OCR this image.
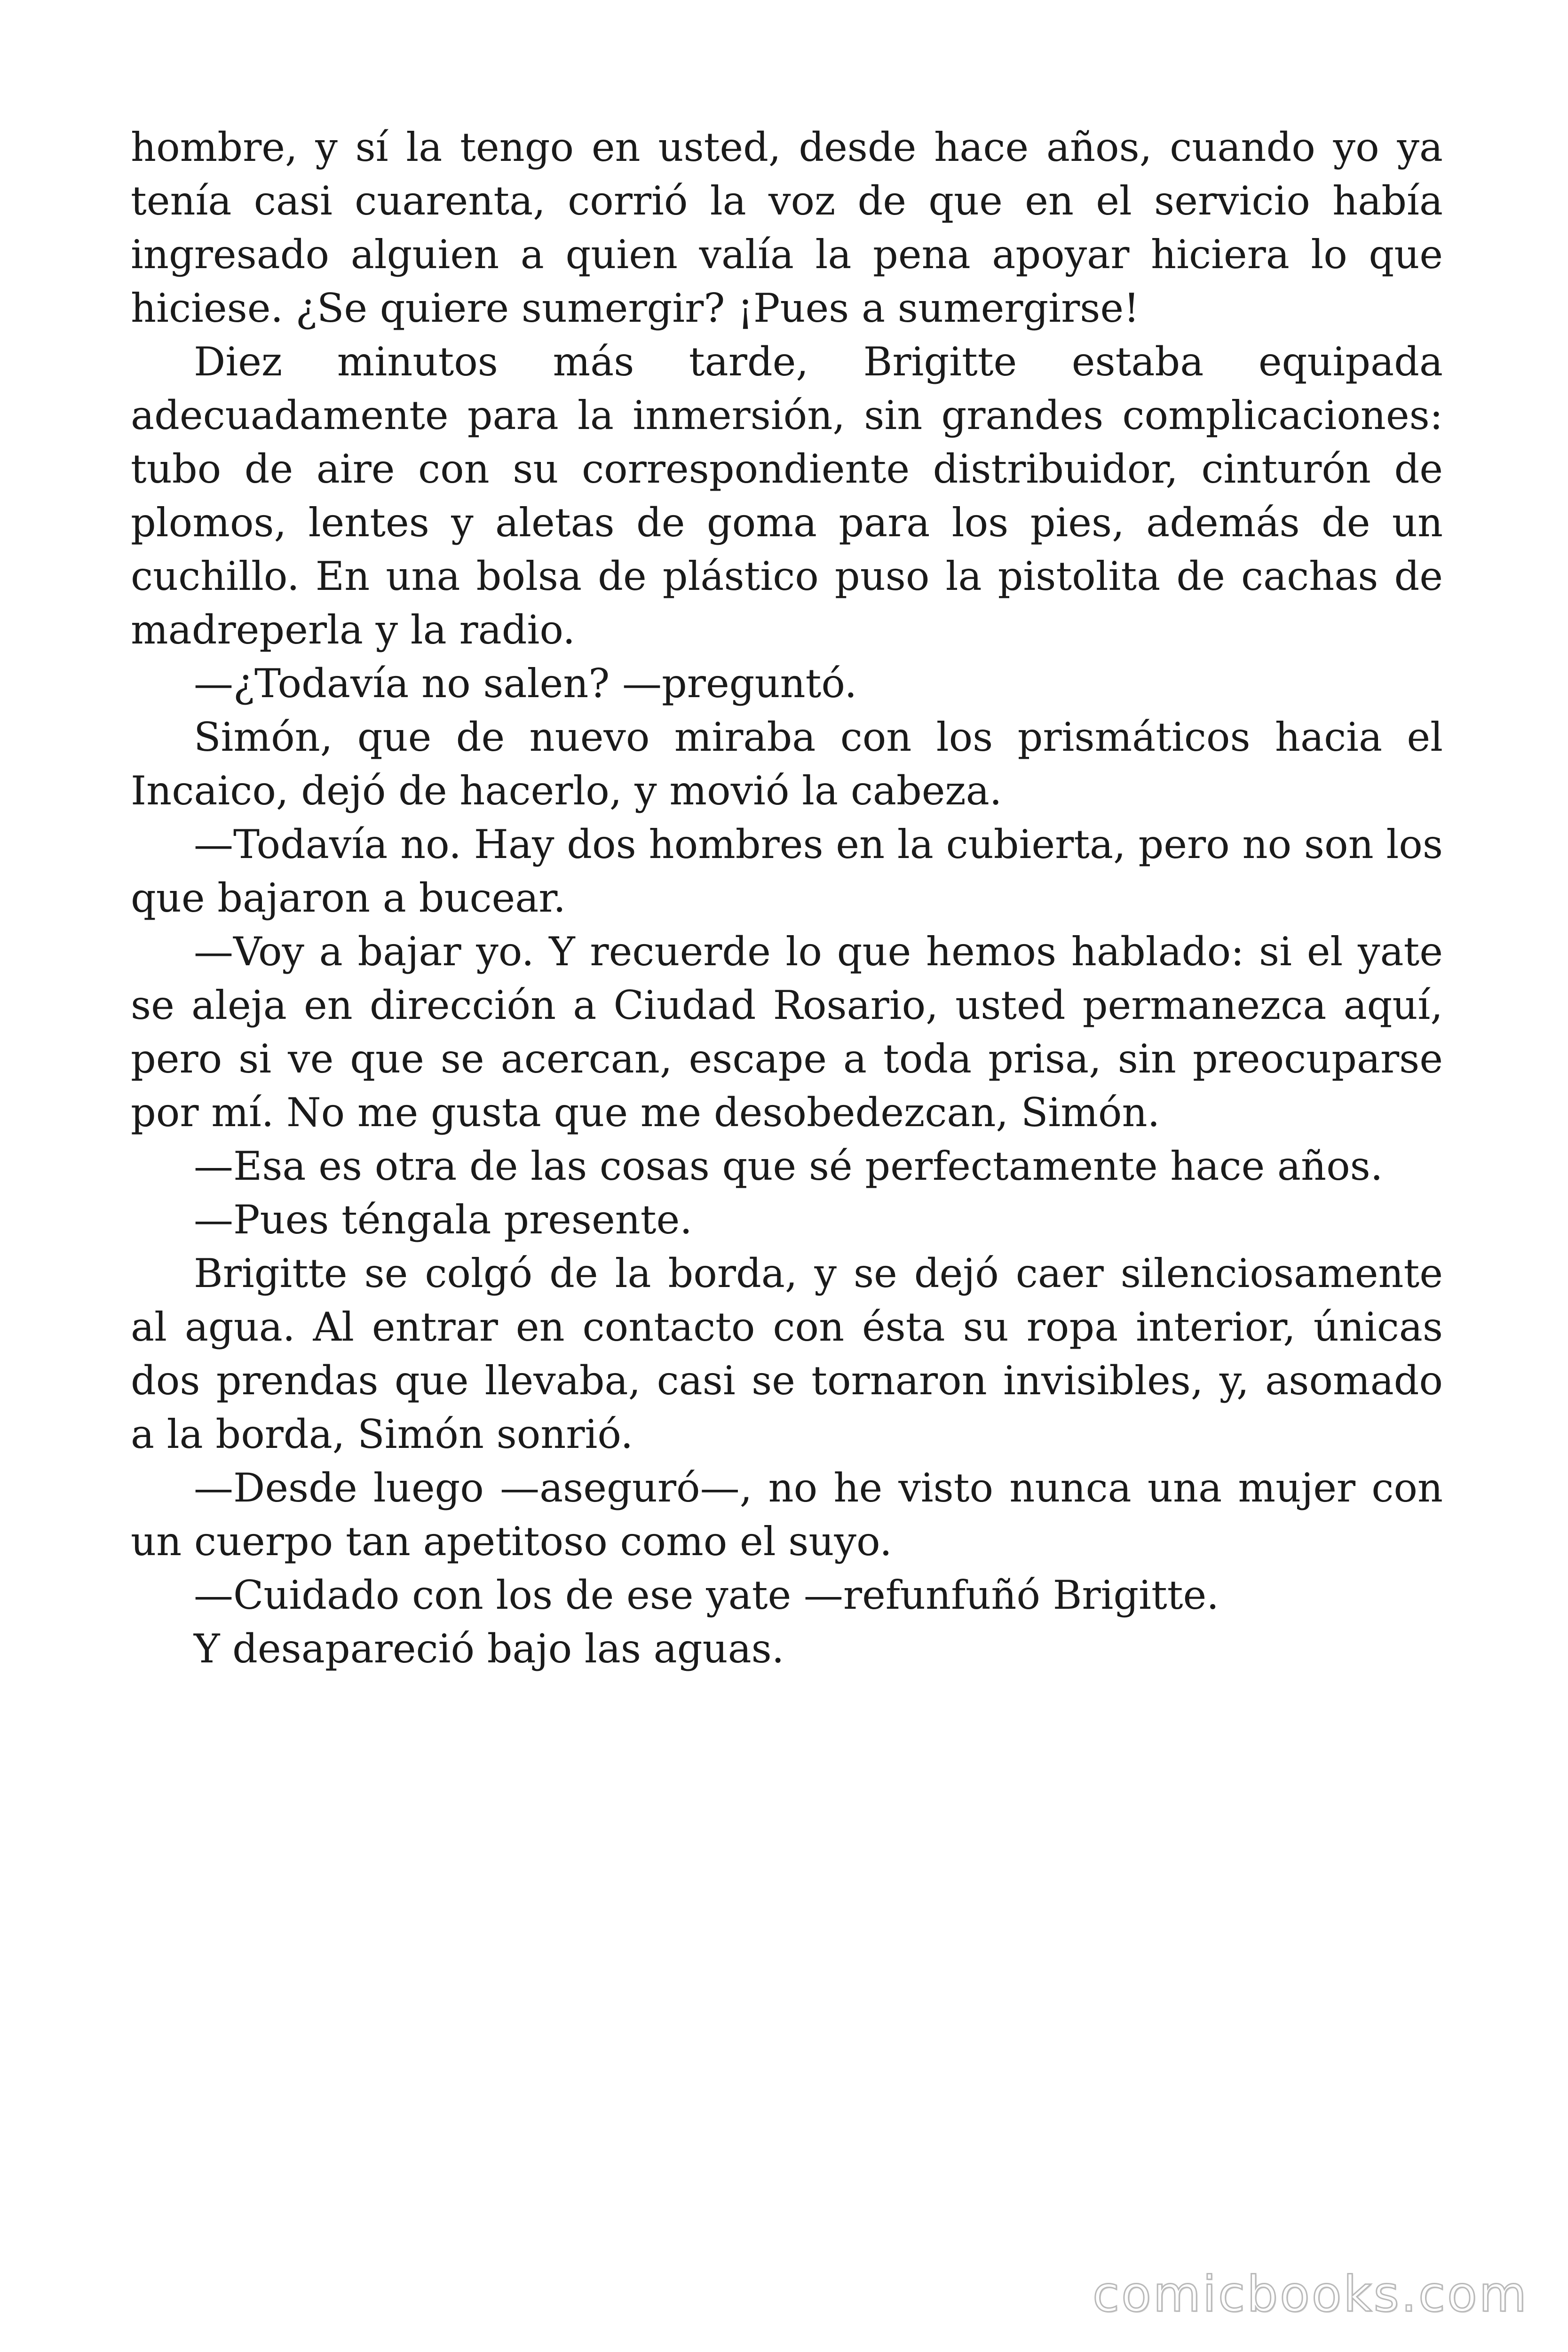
hombre, y sí la tengo en usted, desde hace años, cuando yo ya tenía casi cuarenta, corrió la voz de que en el servicio había ingresado alguien a quien valía la pena apoyar hiciera lo que hiciese. ¿Se quiere sumergir? ¡Pues a sumergirse!

Diez minutos más tarde, Brigitte estaba equipada adecuadamente para la inmersión, sin grandes complicaciones: tubo de aire con su correspondiente distribuidor, cinturón de plomos, lentes y aletas de goma para los pies, además de un cuchillo. En una bolsa de plástico puso la pistolita de cachas de madreperla y la radio.

—¿Todavía no salen? —preguntó.

Simón, que de nuevo miraba con los prismáticos hacia el Incaico, dejó de hacerlo, y movió la cabeza.

—Todavía no. Hay dos hombres en la cubierta, pero no son los que bajaron a bucear.

—Voy a bajar yo. Y recuerde lo que hemos hablado: si el yate se aleja en dirección a Ciudad Rosario, usted permanezca aquí, pero si ve que se acercan, escape a toda prisa, sin preocuparse por mí. No me gusta que me desobedezcan, Simón.

—Esa es otra de las cosas que sé perfectamente hace años.

—Pues téngala presente.

Brigitte se colgó de la borda, y se dejó caer silenciosamente al agua. Al entrar en contacto con ésta su ropa interior, únicas dos prendas que llevaba, casi se tornaron invisibles, y, asomado a la borda, Simón sonrió.

—Desde luego —aseguró—, no he visto nunca una mujer con un cuerpo tan apetitoso como el suyo.

—Cuidado con los de ese yate —refunfuñó Brigitte.

Y desapareció bajo las aguas.

comicbooks.com
